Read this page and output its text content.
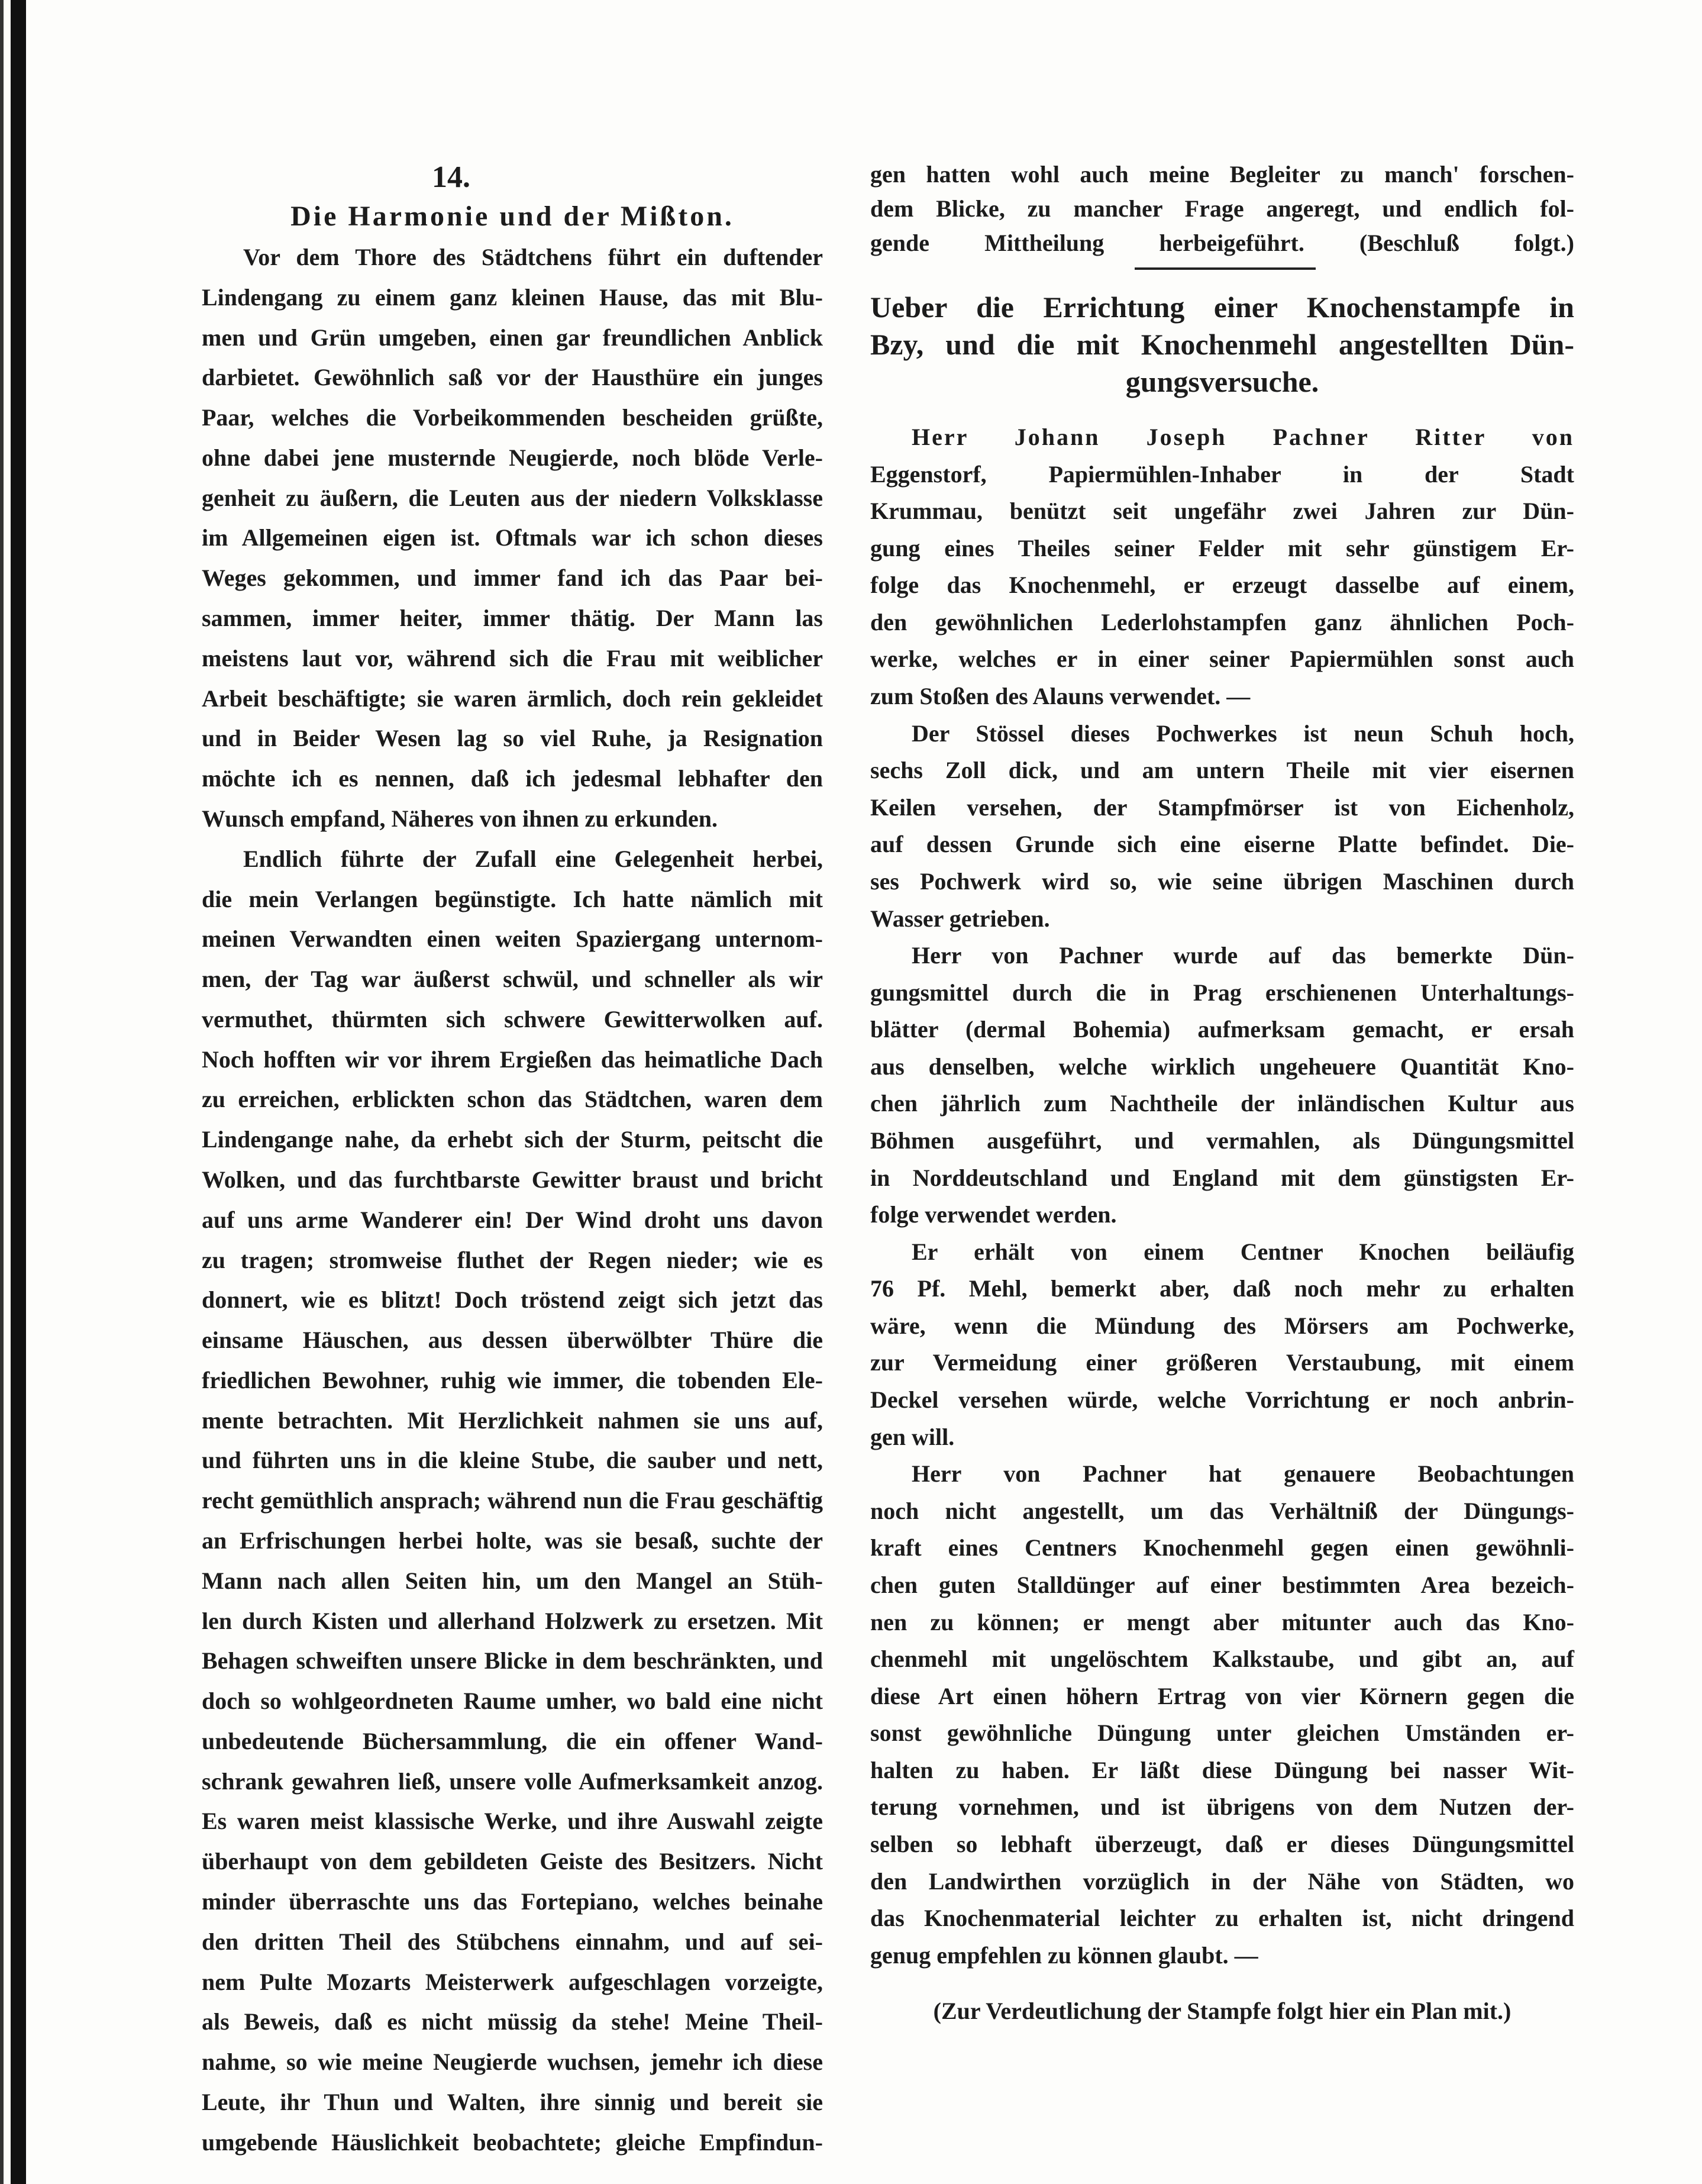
14.
Die Harmonie und der Mißton.
Vor dem Thore des Städtchens führt ein duftender
Lindengang zu einem ganz kleinen Hause, das mit Blu-
men und Grün umgeben, einen gar freundlichen Anblick
darbietet. Gewöhnlich saß vor der Hausthüre ein junges
Paar, welches die Vorbeikommenden bescheiden grüßte,
ohne dabei jene musternde Neugierde, noch blöde Verle-
genheit zu äußern, die Leuten aus der niedern Volksklasse
im Allgemeinen eigen ist. Oftmals war ich schon dieses
Weges gekommen, und immer fand ich das Paar bei-
sammen, immer heiter, immer thätig. Der Mann las
meistens laut vor, während sich die Frau mit weiblicher
Arbeit beschäftigte; sie waren ärmlich, doch rein gekleidet
und in Beider Wesen lag so viel Ruhe, ja Resignation
möchte ich es nennen, daß ich jedesmal lebhafter den
Wunsch empfand, Näheres von ihnen zu erkunden.
Endlich führte der Zufall eine Gelegenheit herbei,
die mein Verlangen begünstigte. Ich hatte nämlich mit
meinen Verwandten einen weiten Spaziergang unternom-
men, der Tag war äußerst schwül, und schneller als wir
vermuthet, thürmten sich schwere Gewitterwolken auf.
Noch hofften wir vor ihrem Ergießen das heimatliche Dach
zu erreichen, erblickten schon das Städtchen, waren dem
Lindengange nahe, da erhebt sich der Sturm, peitscht die
Wolken, und das furchtbarste Gewitter braust und bricht
auf uns arme Wanderer ein! Der Wind droht uns davon
zu tragen; stromweise fluthet der Regen nieder; wie es
donnert, wie es blitzt! Doch tröstend zeigt sich jetzt das
einsame Häuschen, aus dessen überwölbter Thüre die
friedlichen Bewohner, ruhig wie immer, die tobenden Ele-
mente betrachten. Mit Herzlichkeit nahmen sie uns auf,
und führten uns in die kleine Stube, die sauber und nett,
recht gemüthlich ansprach; während nun die Frau geschäftig
an Erfrischungen herbei holte, was sie besaß, suchte der
Mann nach allen Seiten hin, um den Mangel an Stüh-
len durch Kisten und allerhand Holzwerk zu ersetzen. Mit
Behagen schweiften unsere Blicke in dem beschränkten, und
doch so wohlgeordneten Raume umher, wo bald eine nicht
unbedeutende Büchersammlung, die ein offener Wand-
schrank gewahren ließ, unsere volle Aufmerksamkeit anzog.
Es waren meist klassische Werke, und ihre Auswahl zeigte
überhaupt von dem gebildeten Geiste des Besitzers. Nicht
minder überraschte uns das Fortepiano, welches beinahe
den dritten Theil des Stübchens einnahm, und auf sei-
nem Pulte Mozarts Meisterwerk aufgeschlagen vorzeigte,
als Beweis, daß es nicht müssig da stehe! Meine Theil-
nahme, so wie meine Neugierde wuchsen, jemehr ich diese
Leute, ihr Thun und Walten, ihre sinnig und bereit sie
umgebende Häuslichkeit beobachtete; gleiche Empfindun-
gen hatten wohl auch meine Begleiter zu manch' forschen-
dem Blicke, zu mancher Frage angeregt, und endlich fol-
gende Mittheilung herbeigeführt. (Beschluß folgt.)
Ueber die Errichtung einer Knochenstampfe in
Bzy, und die mit Knochenmehl angestellten Dün-
gungsversuche.
Herr Johann Joseph Pachner Ritter von
Eggenstorf, Papiermühlen-Inhaber in der Stadt
Krummau, benützt seit ungefähr zwei Jahren zur Dün-
gung eines Theiles seiner Felder mit sehr günstigem Er-
folge das Knochenmehl, er erzeugt dasselbe auf einem,
den gewöhnlichen Lederlohstampfen ganz ähnlichen Poch-
werke, welches er in einer seiner Papiermühlen sonst auch
zum Stoßen des Alauns verwendet. —
Der Stössel dieses Pochwerkes ist neun Schuh hoch,
sechs Zoll dick, und am untern Theile mit vier eisernen
Keilen versehen, der Stampfmörser ist von Eichenholz,
auf dessen Grunde sich eine eiserne Platte befindet. Die-
ses Pochwerk wird so, wie seine übrigen Maschinen durch
Wasser getrieben.
Herr von Pachner wurde auf das bemerkte Dün-
gungsmittel durch die in Prag erschienenen Unterhaltungs-
blätter (dermal Bohemia) aufmerksam gemacht, er ersah
aus denselben, welche wirklich ungeheuere Quantität Kno-
chen jährlich zum Nachtheile der inländischen Kultur aus
Böhmen ausgeführt, und vermahlen, als Düngungsmittel
in Norddeutschland und England mit dem günstigsten Er-
folge verwendet werden.
Er erhält von einem Centner Knochen beiläufig
76 Pf. Mehl, bemerkt aber, daß noch mehr zu erhalten
wäre, wenn die Mündung des Mörsers am Pochwerke,
zur Vermeidung einer größeren Verstaubung, mit einem
Deckel versehen würde, welche Vorrichtung er noch anbrin-
gen will.
Herr von Pachner hat genauere Beobachtungen
noch nicht angestellt, um das Verhältniß der Düngungs-
kraft eines Centners Knochenmehl gegen einen gewöhnli-
chen guten Stalldünger auf einer bestimmten Area bezeich-
nen zu können; er mengt aber mitunter auch das Kno-
chenmehl mit ungelöschtem Kalkstaube, und gibt an, auf
diese Art einen höhern Ertrag von vier Körnern gegen die
sonst gewöhnliche Düngung unter gleichen Umständen er-
halten zu haben. Er läßt diese Düngung bei nasser Wit-
terung vornehmen, und ist übrigens von dem Nutzen der-
selben so lebhaft überzeugt, daß er dieses Düngungsmittel
den Landwirthen vorzüglich in der Nähe von Städten, wo
das Knochenmaterial leichter zu erhalten ist, nicht dringend
genug empfehlen zu können glaubt. —
(Zur Verdeutlichung der Stampfe folgt hier ein Plan mit.)
